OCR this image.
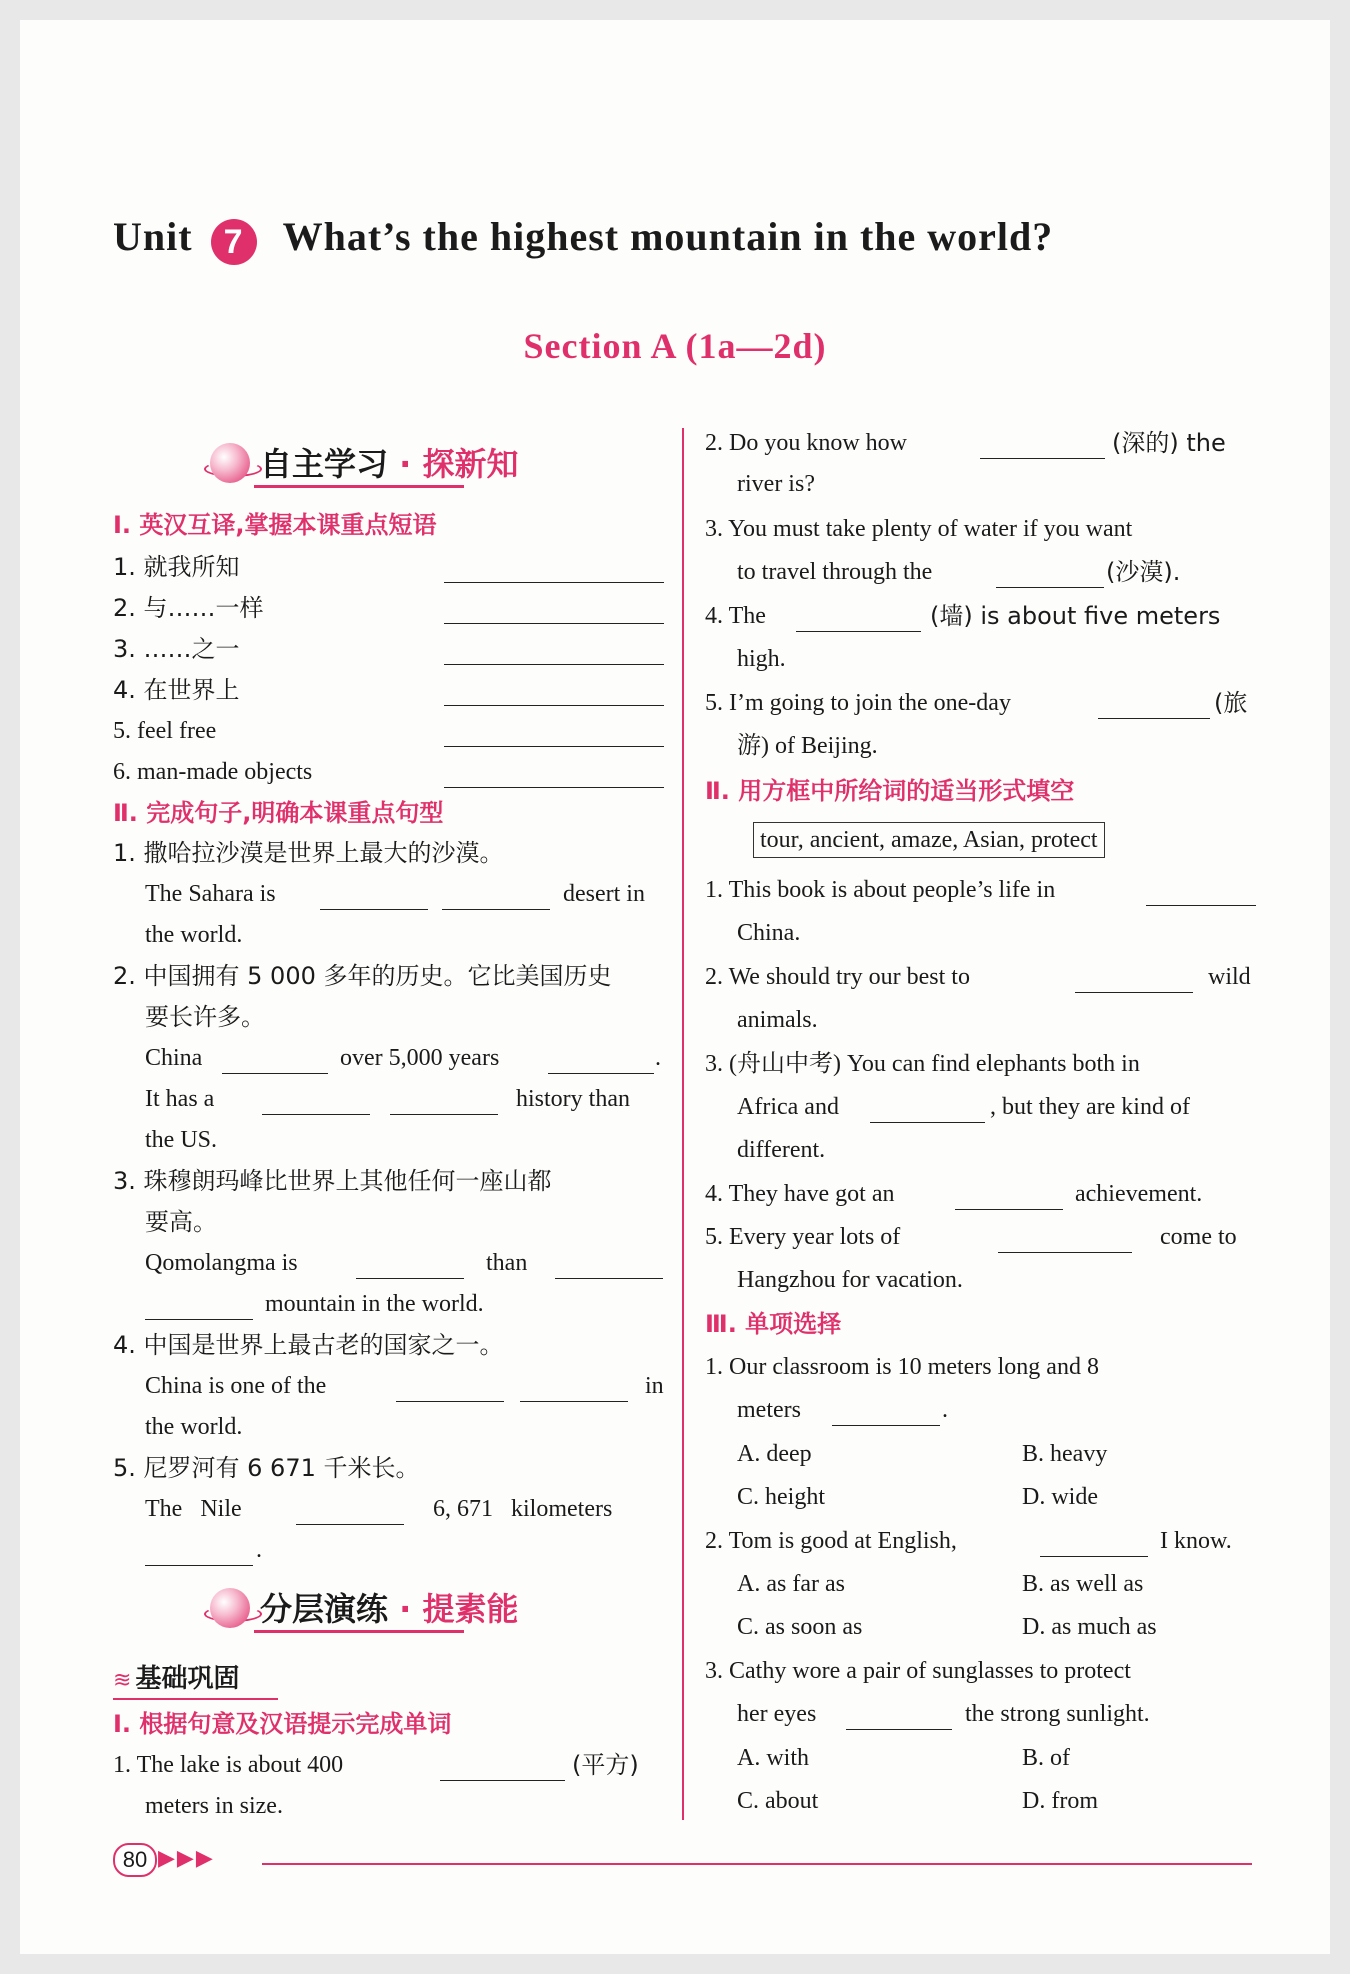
Unit 7 What’s the highest mountain in the world?
Section A (1a—2d)
自主学习 · 探新知
Ⅰ. 英汉互译,掌握本课重点短语
1. 就我所知
2. 与……一样
3. ……之一
4. 在世界上
5. feel free
6. man-made objects
Ⅱ. 完成句子,明确本课重点句型
1. 撒哈拉沙漠是世界上最大的沙漠。
The Sahara is	desert in
the world.
2. 中国拥有 5 000 多年的历史。它比美国历史
要长许多。
China	over 5,000 years	.
It has a	history than
the US.
3. 珠穆朗玛峰比世界上其他任何一座山都
要高。
Qomolangma is	than
mountain in the world.
4. 中国是世界上最古老的国家之一。
China is one of the	in
the world.
5. 尼罗河有 6 671 千米长。
The   Nile	6, 671   kilometers
.
分层演练 · 提素能
≋ 基础巩固
Ⅰ. 根据句意及汉语提示完成单词
1. The lake is about 400	(平方)
meters in size.
2. Do you know how	(深的) the
river is?
3. You must take plenty of water if you want
to travel through the	(沙漠).
4. The	(墙) is about five meters
high.
5. I’m going to join the one-day	(旅
游) of Beijing.
Ⅱ. 用方框中所给词的适当形式填空
tour, ancient, amaze, Asian, protect
1. This book is about people’s life in
China.
2. We should try our best to	wild
animals.
3. (舟山中考) You can find elephants both in
Africa and	, but they are kind of
different.
4. They have got an	achievement.
5. Every year lots of	come to
Hangzhou for vacation.
Ⅲ. 单项选择
1. Our classroom is 10 meters long and 8
meters	.
A. deep	B. heavy
C. height	D. wide
2. Tom is good at English,	I know.
A. as far as	B. as well as
C. as soon as	D. as much as
3. Cathy wore a pair of sunglasses to protect
her eyes	the strong sunlight.
A. with	B. of
C. about	D. from
80 ▶▶▶
